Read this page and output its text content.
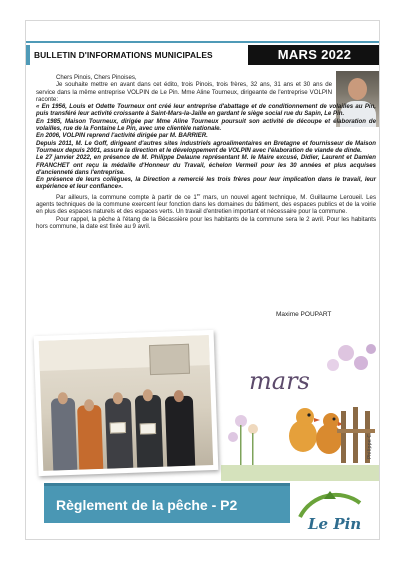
BULLETIN D'INFORMATIONS MUNICIPALES	MARS 2022

Chers Pinois, Chers Pinoises,

Je souhaite mettre en avant dans cet édito, trois Pinois, trois frères, 32 ans, 31 ans et 30 ans de service dans la même entreprise VOLPIN de Le Pin. Mme Aline Tourneux, dirigeante de l'entreprise VOLPIN raconte:

« En 1956, Louis et Odette Tourneux ont créé leur entreprise d'abattage et de conditionnement de volailles au Pin, puis transféré leur activité croissante à Saint-Mars-la-Jaille en gardant le siège social rue du Sapin, Le Pin.

En 1985, Maison Tourneux, dirigée par Mme Aline Tourneux poursuit son activité de découpe et élaboration de volailles, rue de la Fontaine Le Pin, avec une clientèle nationale.

En 2006, VOLPIN reprend l'activité dirigée par M. BARRIER.

Depuis 2011, M. Le Goff, dirigeant d'autres sites industriels agroalimentaires en Bretagne et fournisseur de Maison Tourneux depuis 2001, assure la direction et le développement de VOLPIN avec l'élaboration de viande de dinde.

Le 27 janvier 2022, en présence de M. Philippe Delaune représentant M. le Maire excusé, Didier, Laurent et Damien FRANCHET ont reçu la médaille d'Honneur du Travail, échelon Vermeil pour les 30 années et plus acquises d'ancienneté dans l'entreprise.

En présence de leurs collègues, la Direction a remercié les trois frères pour leur implication dans le travail, leur expérience et leur confiance».

Par ailleurs, la commune compte à partir de ce 1er mars, un nouvel agent technique, M. Guillaume Leroueil. Les agents techniques de la commune exercent leur fonction dans les domaines du bâtiment, des espaces publics et de la voirie en plus des espaces naturels et des espaces verts. Un travail d'entretien important et nécessaire pour la commune.

Pour rappel, la pêche à l'étang de la Bécassière pour les habitants de la commune sera le 2 avril. Pour les habitants hors commune, la date est fixée au 9 avril.

Maxime POUPART
mars
Philippe C.
Règlement de la pêche - P2
Le Pin
